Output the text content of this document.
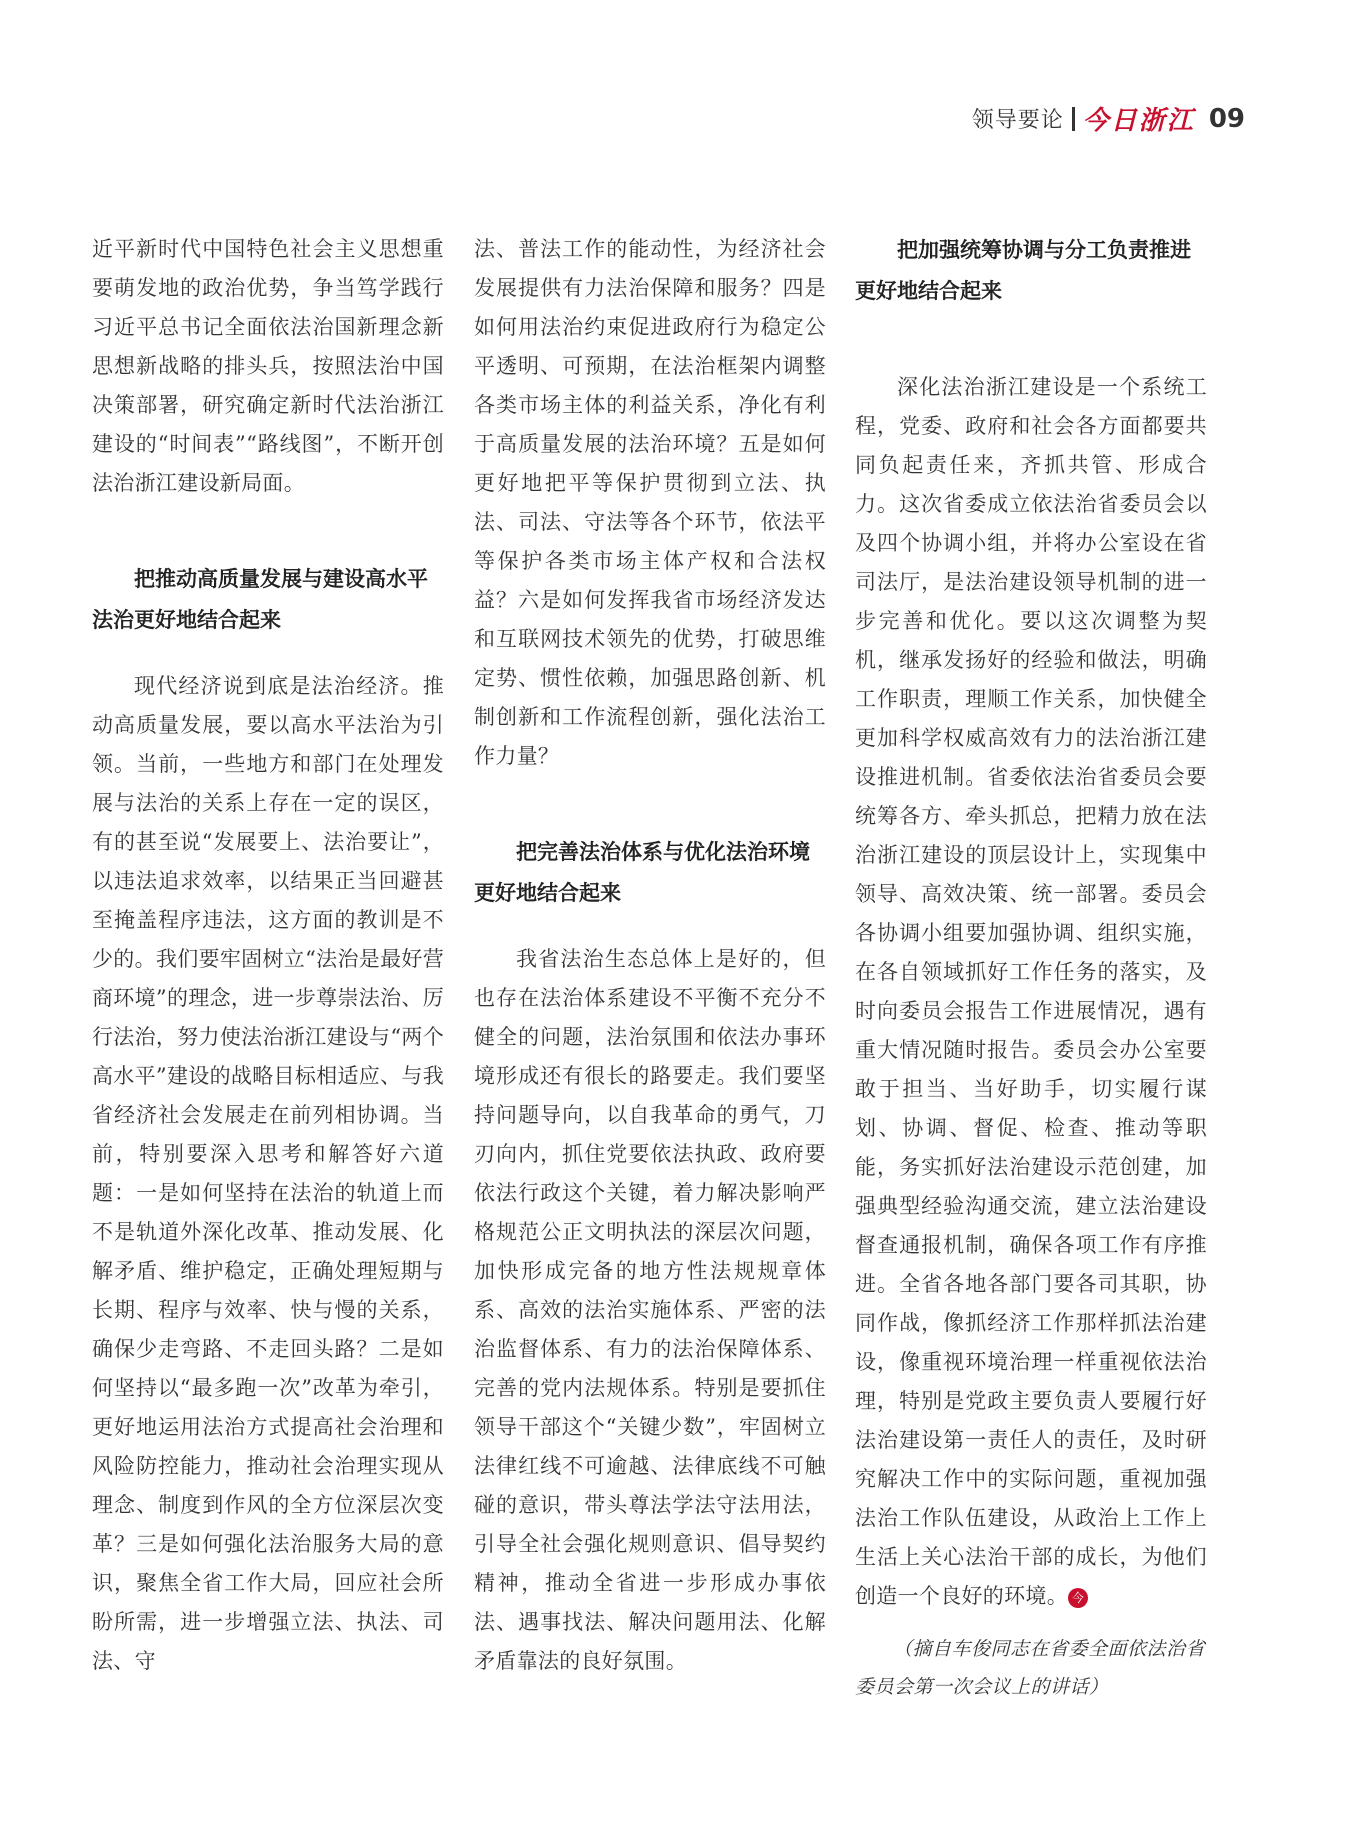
领导要论 今日浙江 09

近平新时代中国特色社会主义思想重要萌发地的政治优势，争当笃学践行习近平总书记全面依法治国新理念新思想新战略的排头兵，按照法治中国决策部署，研究确定新时代法治浙江建设的“时间表”“路线图”，不断开创法治浙江建设新局面。

把推动高质量发展与建设高水平法治更好地结合起来

现代经济说到底是法治经济。推动高质量发展，要以高水平法治为引领。当前，一些地方和部门在处理发展与法治的关系上存在一定的误区，有的甚至说“发展要上、法治要让”，以违法追求效率，以结果正当回避甚至掩盖程序违法，这方面的教训是不少的。我们要牢固树立“法治是最好营商环境”的理念，进一步尊崇法治、厉行法治，努力使法治浙江建设与“两个高水平”建设的战略目标相适应、与我省经济社会发展走在前列相协调。当前，特别要深入思考和解答好六道题：一是如何坚持在法治的轨道上而不是轨道外深化改革、推动发展、化解矛盾、维护稳定，正确处理短期与长期、程序与效率、快与慢的关系，确保少走弯路、不走回头路？二是如何坚持以“最多跑一次”改革为牵引，更好地运用法治方式提高社会治理和风险防控能力，推动社会治理实现从理念、制度到作风的全方位深层次变革？三是如何强化法治服务大局的意识，聚焦全省工作大局，回应社会所盼所需，进一步增强立法、执法、司法、守

法、普法工作的能动性，为经济社会发展提供有力法治保障和服务？四是如何用法治约束促进政府行为稳定公平透明、可预期，在法治框架内调整各类市场主体的利益关系，净化有利于高质量发展的法治环境？五是如何更好地把平等保护贯彻到立法、执法、司法、守法等各个环节，依法平等保护各类市场主体产权和合法权益？六是如何发挥我省市场经济发达和互联网技术领先的优势，打破思维定势、惯性依赖，加强思路创新、机制创新和工作流程创新，强化法治工作力量？

把完善法治体系与优化法治环境更好地结合起来

我省法治生态总体上是好的，但也存在法治体系建设不平衡不充分不健全的问题，法治氛围和依法办事环境形成还有很长的路要走。我们要坚持问题导向，以自我革命的勇气，刀刃向内，抓住党要依法执政、政府要依法行政这个关键，着力解决影响严格规范公正文明执法的深层次问题，加快形成完备的地方性法规规章体系、高效的法治实施体系、严密的法治监督体系、有力的法治保障体系、完善的党内法规体系。特别是要抓住领导干部这个“关键少数”，牢固树立法律红线不可逾越、法律底线不可触碰的意识，带头尊法学法守法用法，引导全社会强化规则意识、倡导契约精神，推动全省进一步形成办事依法、遇事找法、解决问题用法、化解矛盾靠法的良好氛围。

把加强统筹协调与分工负责推进更好地结合起来

深化法治浙江建设是一个系统工程，党委、政府和社会各方面都要共同负起责任来，齐抓共管、形成合力。这次省委成立依法治省委员会以及四个协调小组，并将办公室设在省司法厅，是法治建设领导机制的进一步完善和优化。要以这次调整为契机，继承发扬好的经验和做法，明确工作职责，理顺工作关系，加快健全更加科学权威高效有力的法治浙江建设推进机制。省委依法治省委员会要统筹各方、牵头抓总，把精力放在法治浙江建设的顶层设计上，实现集中领导、高效决策、统一部署。委员会各协调小组要加强协调、组织实施，在各自领域抓好工作任务的落实，及时向委员会报告工作进展情况，遇有重大情况随时报告。委员会办公室要敢于担当、当好助手，切实履行谋划、协调、督促、检查、推动等职能，务实抓好法治建设示范创建，加强典型经验沟通交流，建立法治建设督查通报机制，确保各项工作有序推进。全省各地各部门要各司其职，协同作战，像抓经济工作那样抓法治建设，像重视环境治理一样重视依法治理，特别是党政主要负责人要履行好法治建设第一责任人的责任，及时研究解决工作中的实际问题，重视加强法治工作队伍建设，从政治上工作上生活上关心法治干部的成长，为他们创造一个良好的环境。 今

（摘自车俊同志在省委全面依法治省委员会第一次会议上的讲话）
